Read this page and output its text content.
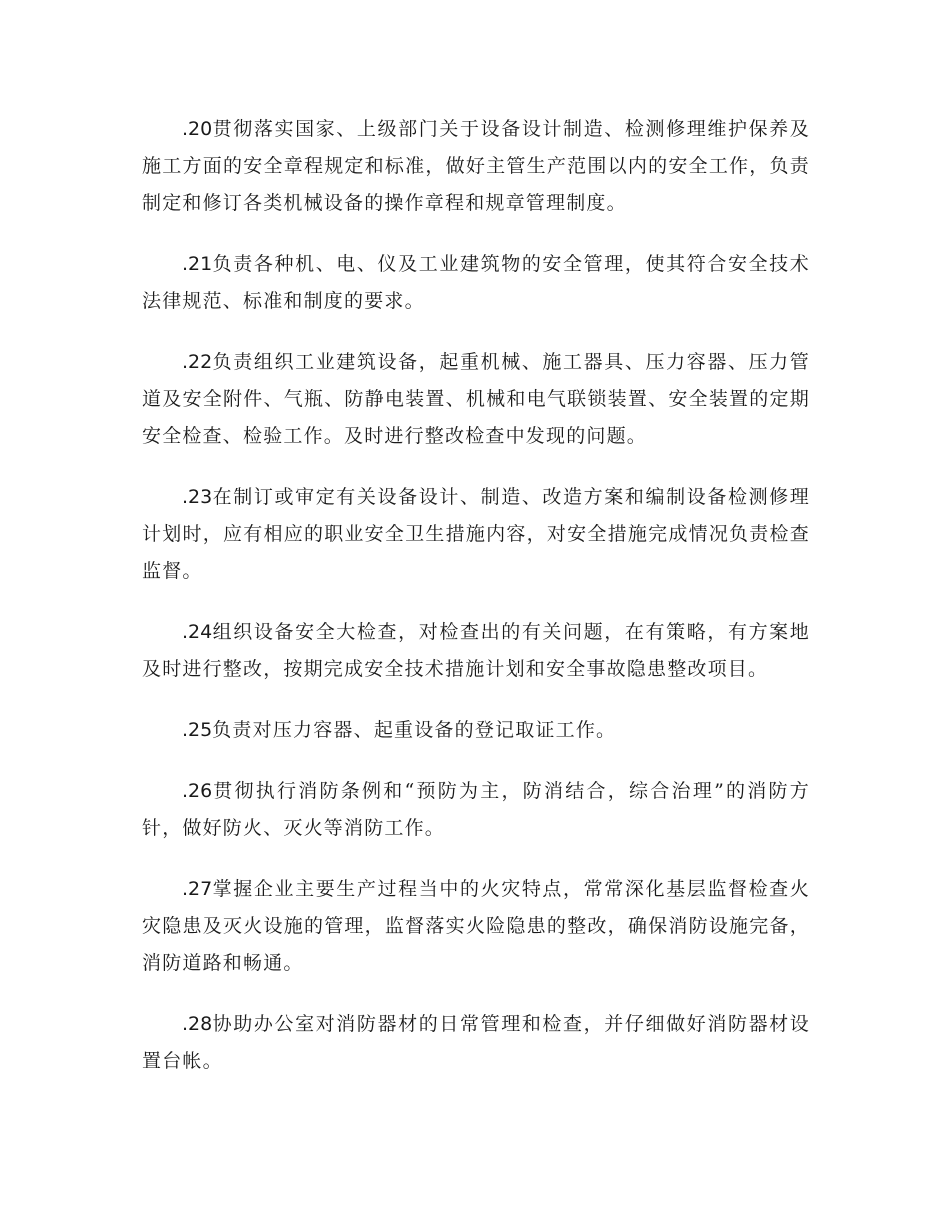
.20贯彻落实国家、上级部门关于设备设计制造、检测修理维护保养及施工方面的安全章程规定和标准，做好主管生产范围以内的安全工作，负责制定和修订各类机械设备的操作章程和规章管理制度。

.21负责各种机、电、仪及工业建筑物的安全管理，使其符合安全技术法律规范、标准和制度的要求。

.22负责组织工业建筑设备，起重机械、施工器具、压力容器、压力管道及安全附件、气瓶、防静电装置、机械和电气联锁装置、安全装置的定期安全检查、检验工作。及时进行整改检查中发现的问题。

.23在制订或审定有关设备设计、制造、改造方案和编制设备检测修理计划时，应有相应的职业安全卫生措施内容，对安全措施完成情况负责检查监督。

.24组织设备安全大检查，对检查出的有关问题，在有策略，有方案地及时进行整改，按期完成安全技术措施计划和安全事故隐患整改项目。

.25负责对压力容器、起重设备的登记取证工作。

.26贯彻执行消防条例和“预防为主，防消结合，综合治理”的消防方针，做好防火、灭火等消防工作。

.27掌握企业主要生产过程当中的火灾特点，常常深化基层监督检查火灾隐患及灭火设施的管理，监督落实火险隐患的整改，确保消防设施完备，消防道路和畅通。

.28协助办公室对消防器材的日常管理和检查，并仔细做好消防器材设置台帐。
